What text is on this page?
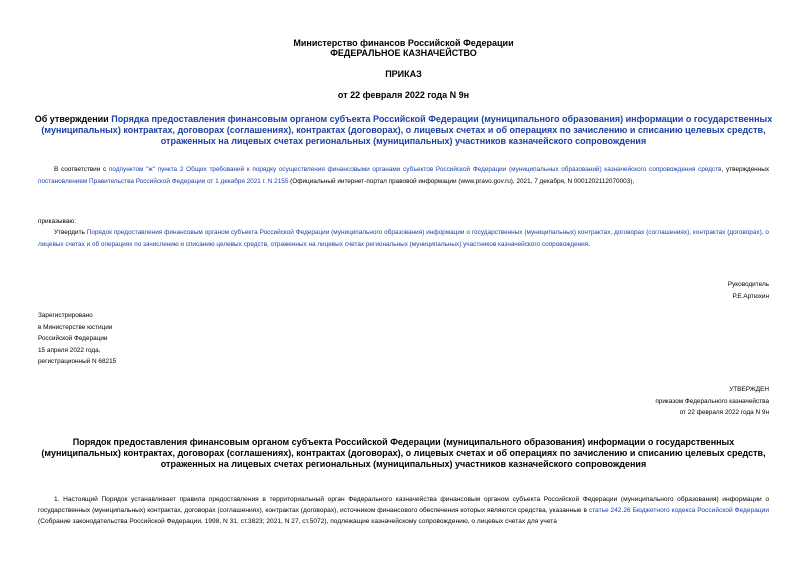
Министерство финансов Российской Федерации
ФЕДЕРАЛЬНОЕ КАЗНАЧЕЙСТВО
ПРИКАЗ
от 22 февраля 2022 года N 9н
Об утверждении Порядка предоставления финансовым органом субъекта Российской Федерации (муниципального образования) информации о государственных
(муниципальных) контрактах, договорах (соглашениях), контрактах (договорах), о лицевых счетах и об операциях по зачислению и списанию целевых средств,
отраженных на лицевых счетах региональных (муниципальных) участников казначейского сопровождения
В соответствии с подпунктом "ж" пункта 2 Общих требований к порядку осуществления финансовыми органами субъектов Российской Федерации (муниципальных образований) казначейского сопровождения средств, утвержденных постановлением Правительства Российской Федерации от 1 декабря 2021 г. N 2155 (Официальный интернет-портал правовой информации (www.pravo.gov.ru), 2021, 7 декабря, N 0001202112070003),
приказываю:
Утвердить Порядок предоставления финансовым органом субъекта Российской Федерации (муниципального образования) информации о государственных (муниципальных) контрактах, договорах (соглашениях), контрактах (договорах), о лицевых счетах и об операциях по зачислению и списанию целевых средств, отраженных на лицевых счетах региональных (муниципальных) участников казначейского сопровождения.
Руководитель
Р.Е.Артюхин
Зарегистрировано
в Министерстве юстиции
Российской Федерации
15 апреля 2022 года,
регистрационный N 68215
УТВЕРЖДЕН
приказом Федерального казначейства
от 22 февраля 2022 года N 9н
Порядок предоставления финансовым органом субъекта Российской Федерации (муниципального образования) информации о государственных
(муниципальных) контрактах, договорах (соглашениях), контрактах (договорах), о лицевых счетах и об операциях по зачислению и списанию целевых средств,
отраженных на лицевых счетах региональных (муниципальных) участников казначейского сопровождения
1. Настоящий Порядок устанавливает правила предоставления в территориальный орган Федерального казначейства финансовым органом субъекта Российской Федерации (муниципального образования) информации о государственных (муниципальных) контрактах, договорах (соглашениях), контрактах (договорах), источником финансового обеспечения которых являются средства, указанные в статье 242.26 Бюджетного кодекса Российской Федерации (Собрание законодательства Российской Федерации, 1998, N 31, ст.3823; 2021, N 27, ст.5072), подлежащие казначейскому сопровождению, о лицевых счетах для учета
